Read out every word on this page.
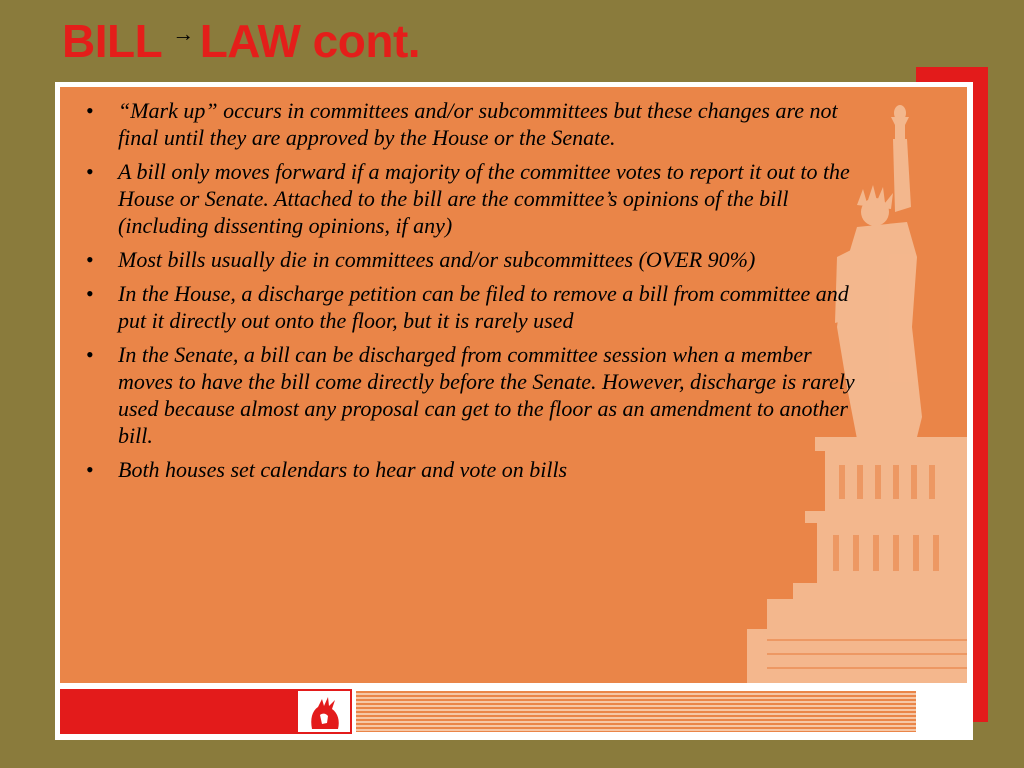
BILL → LAW cont.
• “Mark up” occurs in committees and/or subcommittees but these changes are not final until they are approved by the House or the Senate.
• A bill only moves forward if a majority of the committee votes to report it out to the House or Senate. Attached to the bill are the committee’s opinions of the bill (including dissenting opinions, if any)
• Most bills usually die in committees and/or subcommittees (OVER 90%)
• In the House, a discharge petition can be filed to remove a bill from committee and put it directly out onto the floor, but it is rarely used
• In the Senate, a bill can be discharged from committee session when a member moves to have the bill come directly before the Senate. However, discharge is rarely used because almost any proposal can get to the floor as an amendment to another bill.
• Both houses set calendars to hear and vote on bills
